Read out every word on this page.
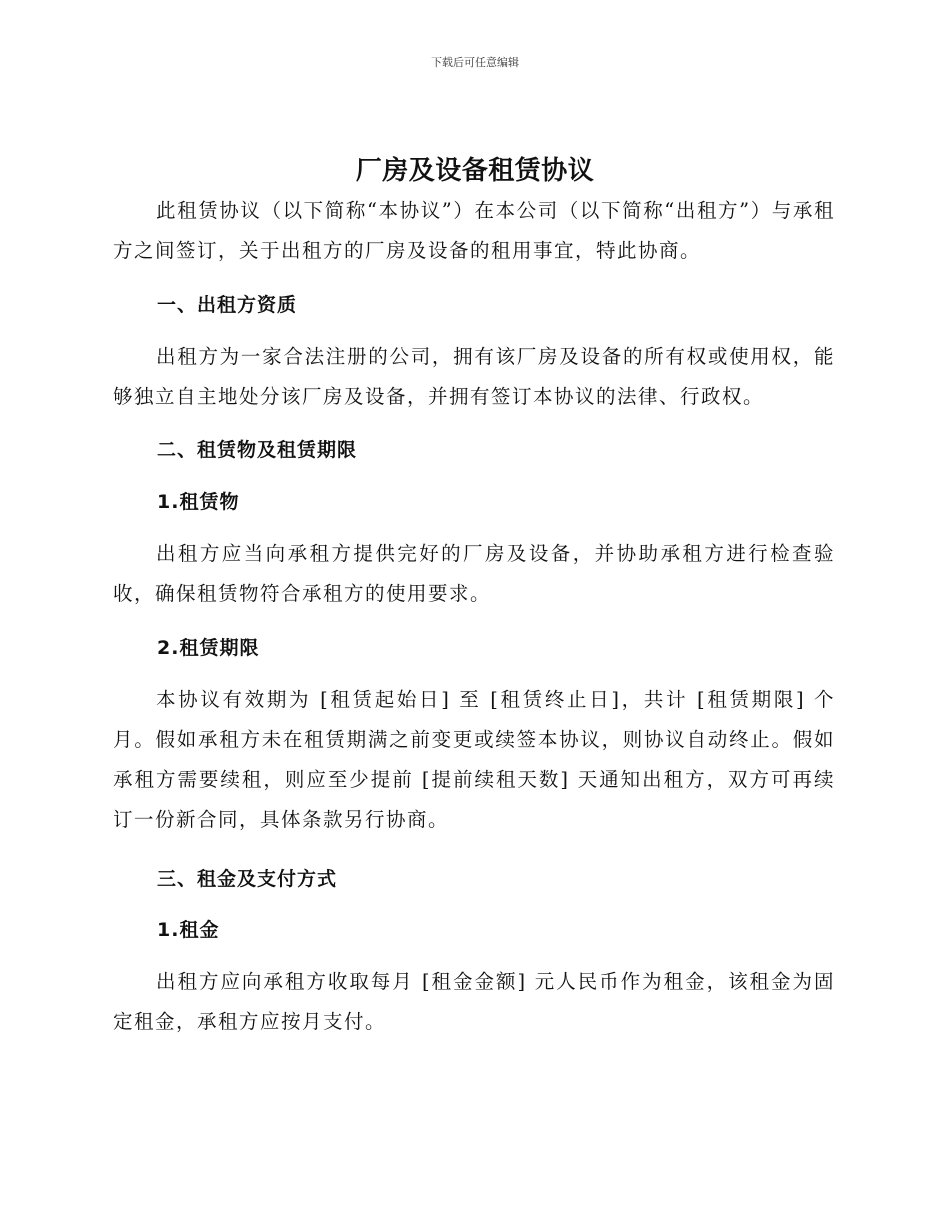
下载后可任意编辑
厂房及设备租赁协议

此租赁协议（以下简称“本协议”）在本公司（以下简称“出租方”）与承租方之间签订，关于出租方的厂房及设备的租用事宜，特此协商。

一、出租方资质

出租方为一家合法注册的公司，拥有该厂房及设备的所有权或使用权，能够独立自主地处分该厂房及设备，并拥有签订本协议的法律、行政权。

二、租赁物及租赁期限
1.租赁物

出租方应当向承租方提供完好的厂房及设备，并协助承租方进行检查验收，确保租赁物符合承租方的使用要求。

2.租赁期限

本协议有效期为 [租赁起始日] 至 [租赁终止日]，共计 [租赁期限] 个月。假如承租方未在租赁期满之前变更或续签本协议，则协议自动终止。假如承租方需要续租，则应至少提前 [提前续租天数] 天通知出租方，双方可再续订一份新合同，具体条款另行协商。

三、租金及支付方式
1.租金

出租方应向承租方收取每月 [租金金额] 元人民币作为租金，该租金为固定租金，承租方应按月支付。
